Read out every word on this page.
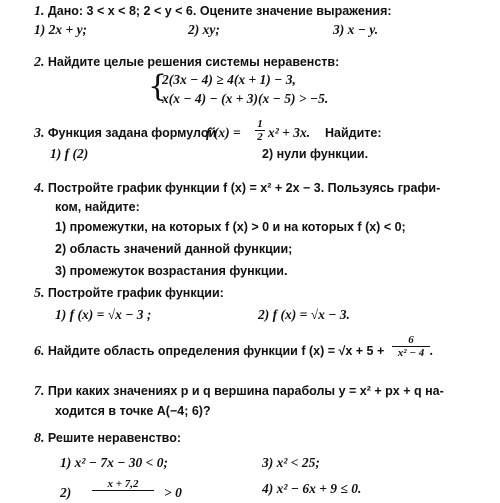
1. Дано: 3 < x < 8; 2 < y < 6. Оцените значение выражения:
1) 2x + y;	2) xy;	3) x − y.
2. Найдите целые решения системы неравенств:
{
2(3x − 4) ≥ 4(x + 1) − 3,
x(x − 4) − (x + 3)(x − 5) > −5.
3. Функция задана формулой
f $(x) = \frac{1}{2} x^2 + 3x$. Найдите:
1) f (2)	2) нули функции.
4. Постройте график функции f (x) = x² + 2x − 3. Пользуясь графи-
ком, найдите:
1) промежутки, на которых f (x) > 0 и на которых f (x) < 0;
2) область значений данной функции;
3) промежуток возрастания функции.
5. Постройте график функции:
1) f (x) = √x − 3 ;	2) f (x) = √x − 3.
6. Найдите область определения функции f $(x) = √x + 5 + \frac{6}{\text{x² − 4}}$ .
7. При каких значениях p и q вершина параболы y = x² + px + q на-
ходится в точке A(−4; 6)?
8. Решите неравенство:
1) x² − 7x − 30 < 0;	3) x² < 25;
2)
x + 7,2

> 0	4) x² − 6x + 9 ≤ 0.
